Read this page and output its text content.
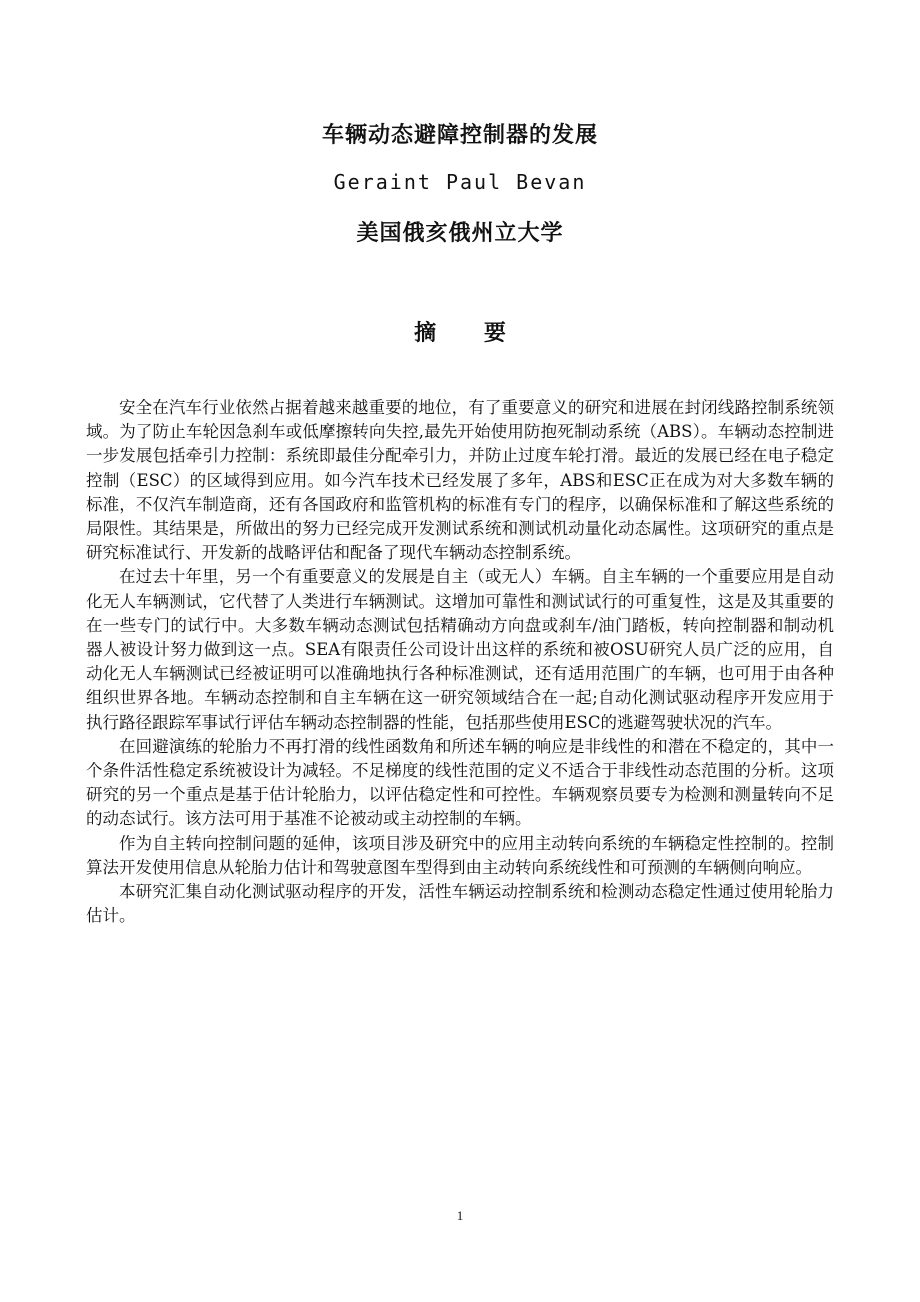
车辆动态避障控制器的发展
Geraint Paul Bevan
美国俄亥俄州立大学
摘 要

安全在汽车行业依然占据着越来越重要的地位，有了重要意义的研究和进展在封闭线路控制系统领域。为了防止车轮因急刹车或低摩擦转向失控,最先开始使用防抱死制动系统（ABS）。车辆动态控制进一步发展包括牵引力控制：系统即最佳分配牵引力，并防止过度车轮打滑。最近的发展已经在电子稳定控制（ESC）的区域得到应用。如今汽车技术已经发展了多年，ABS和ESC正在成为对大多数车辆的标准，不仅汽车制造商，还有各国政府和监管机构的标准有专门的程序，以确保标准和了解这些系统的局限性。其结果是，所做出的努力已经完成开发测试系统和测试机动量化动态属性。这项研究的重点是研究标准试行、开发新的战略评估和配备了现代车辆动态控制系统。

在过去十年里，另一个有重要意义的发展是自主（或无人）车辆。自主车辆的一个重要应用是自动化无人车辆测试，它代替了人类进行车辆测试。这增加可靠性和测试试行的可重复性，这是及其重要的在一些专门的试行中。大多数车辆动态测试包括精确动方向盘或刹车/油门踏板，转向控制器和制动机器人被设计努力做到这一点。SEA有限责任公司设计出这样的系统和被OSU研究人员广泛的应用，自动化无人车辆测试已经被证明可以准确地执行各种标准测试，还有适用范围广的车辆，也可用于由各种组织世界各地。车辆动态控制和自主车辆在这一研究领域结合在一起;自动化测试驱动程序开发应用于执行路径跟踪军事试行评估车辆动态控制器的性能，包括那些使用ESC的逃避驾驶状况的汽车。

在回避演练的轮胎力不再打滑的线性函数角和所述车辆的响应是非线性的和潜在不稳定的，其中一个条件活性稳定系统被设计为减轻。不足梯度的线性范围的定义不适合于非线性动态范围的分析。这项研究的另一个重点是基于估计轮胎力，以评估稳定性和可控性。车辆观察员要专为检测和测量转向不足的动态试行。该方法可用于基准不论被动或主动控制的车辆。

作为自主转向控制问题的延伸，该项目涉及研究中的应用主动转向系统的车辆稳定性控制的。控制算法开发使用信息从轮胎力估计和驾驶意图车型得到由主动转向系统线性和可预测的车辆侧向响应。

本研究汇集自动化测试驱动程序的开发，活性车辆运动控制系统和检测动态稳定性通过使用轮胎力估计。

1
